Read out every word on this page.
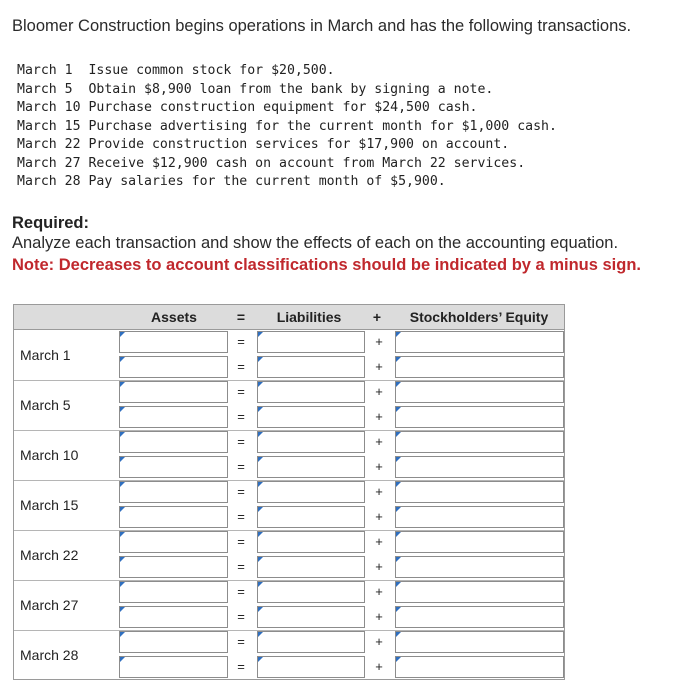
Bloomer Construction begins operations in March and has the following transactions.
March 1  Issue common stock for $20,500.
March 5  Obtain $8,900 loan from the bank by signing a note.
March 10 Purchase construction equipment for $24,500 cash.
March 15 Purchase advertising for the current month for $1,000 cash.
March 22 Provide construction services for $17,900 on account.
March 27 Receive $12,900 cash on account from March 22 services.
March 28 Pay salaries for the current month of $5,900.
Required:
Analyze each transaction and show the effects of each on the accounting equation.
Note: Decreases to account classifications should be indicated by a minus sign.
Assets	=	Liabilities	+	Stockholders’ Equity
March 1
=	+
=	+
March 5
=	+
=	+
March 10
=	+
=	+
March 15
=	+
=	+
March 22
=	+
=	+
March 27
=	+
=	+
March 28
=	+
=	+
